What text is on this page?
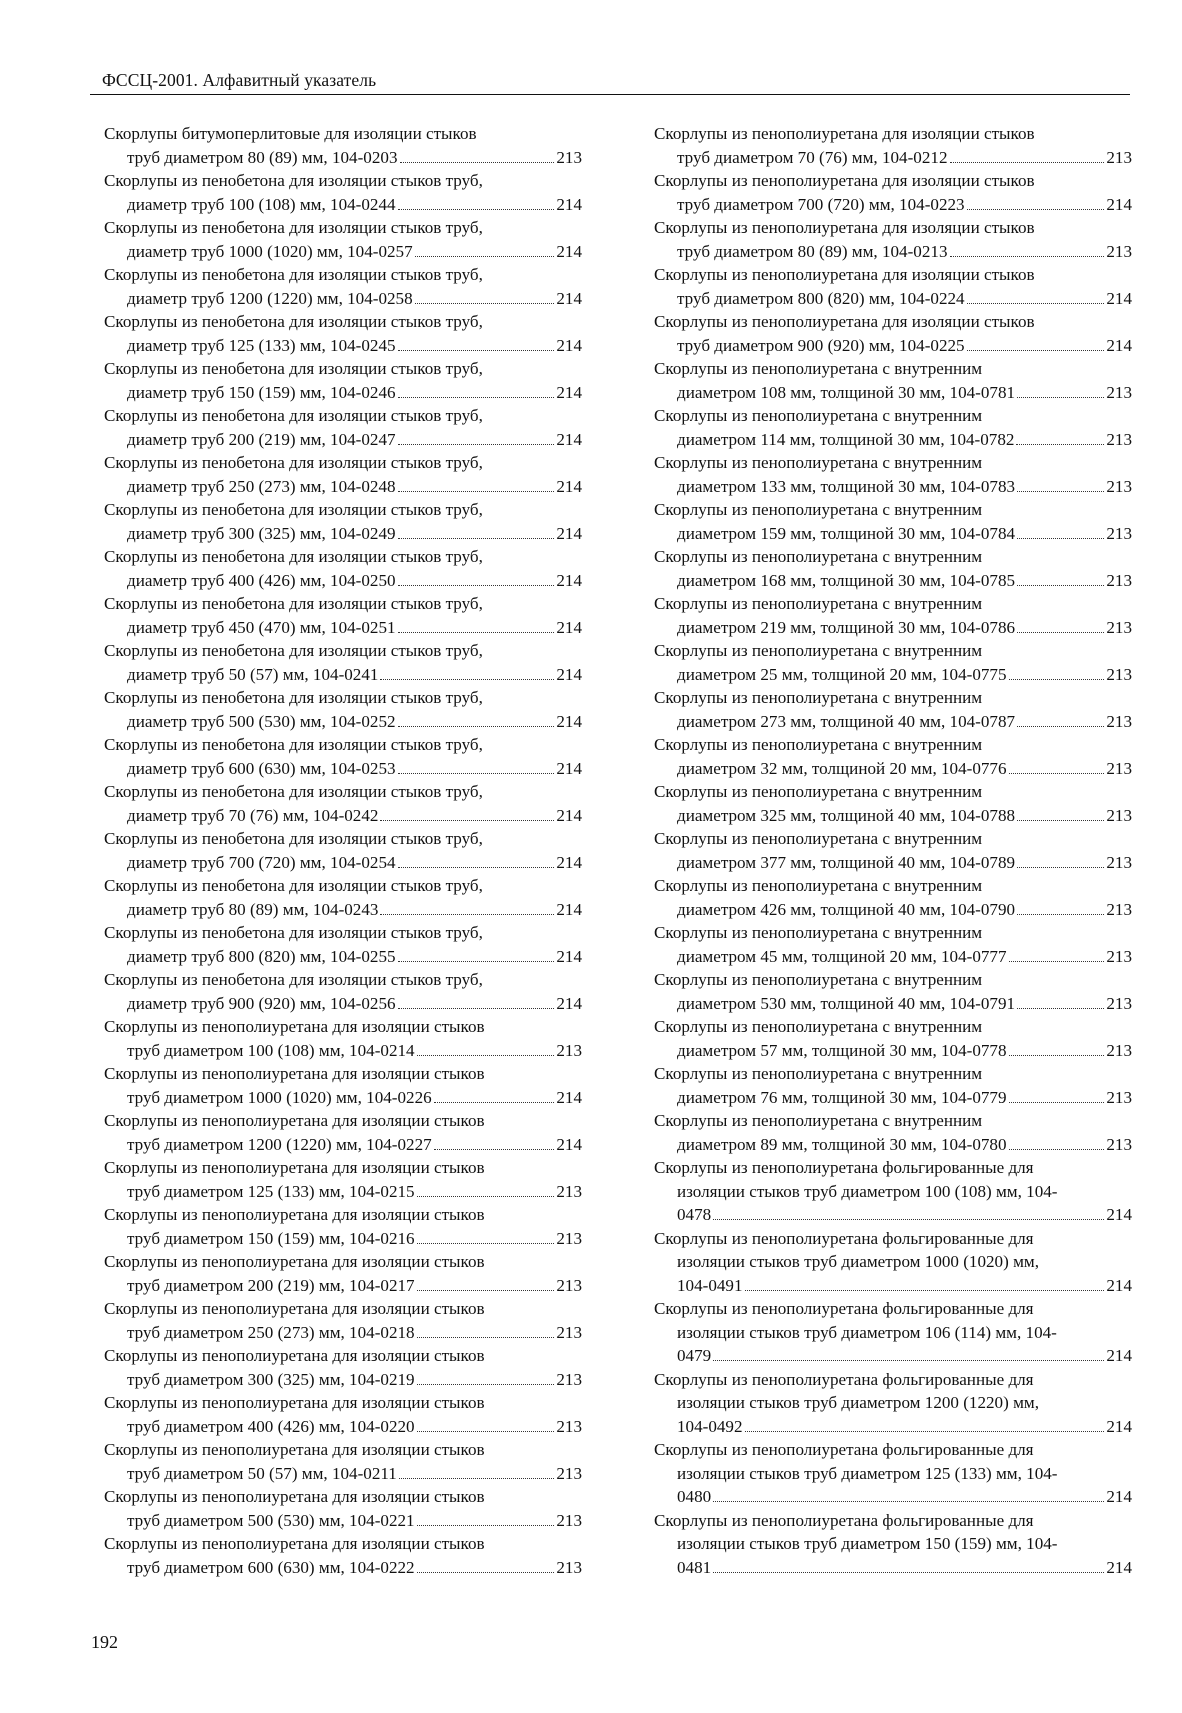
ФССЦ-2001. Алфавитный указатель
Скорлупы битумоперлитовые для изоляции стыков
труб диаметром 80 (89) мм, 104-0203	213
Скорлупы из пенобетона для изоляции стыков труб,
диаметр труб 100 (108) мм, 104-0244	214
Скорлупы из пенобетона для изоляции стыков труб,
диаметр труб 1000 (1020) мм, 104-0257	214
Скорлупы из пенобетона для изоляции стыков труб,
диаметр труб 1200 (1220) мм, 104-0258	214
Скорлупы из пенобетона для изоляции стыков труб,
диаметр труб 125 (133) мм, 104-0245	214
Скорлупы из пенобетона для изоляции стыков труб,
диаметр труб 150 (159) мм, 104-0246	214
Скорлупы из пенобетона для изоляции стыков труб,
диаметр труб 200 (219) мм, 104-0247	214
Скорлупы из пенобетона для изоляции стыков труб,
диаметр труб 250 (273) мм, 104-0248	214
Скорлупы из пенобетона для изоляции стыков труб,
диаметр труб 300 (325) мм, 104-0249	214
Скорлупы из пенобетона для изоляции стыков труб,
диаметр труб 400 (426) мм, 104-0250	214
Скорлупы из пенобетона для изоляции стыков труб,
диаметр труб 450 (470) мм, 104-0251	214
Скорлупы из пенобетона для изоляции стыков труб,
диаметр труб 50 (57) мм, 104-0241	214
Скорлупы из пенобетона для изоляции стыков труб,
диаметр труб 500 (530) мм, 104-0252	214
Скорлупы из пенобетона для изоляции стыков труб,
диаметр труб 600 (630) мм, 104-0253	214
Скорлупы из пенобетона для изоляции стыков труб,
диаметр труб 70 (76) мм, 104-0242	214
Скорлупы из пенобетона для изоляции стыков труб,
диаметр труб 700 (720) мм, 104-0254	214
Скорлупы из пенобетона для изоляции стыков труб,
диаметр труб 80 (89) мм, 104-0243	214
Скорлупы из пенобетона для изоляции стыков труб,
диаметр труб 800 (820) мм, 104-0255	214
Скорлупы из пенобетона для изоляции стыков труб,
диаметр труб 900 (920) мм, 104-0256	214
Скорлупы из пенополиуретана для изоляции стыков
труб диаметром 100 (108) мм, 104-0214	213
Скорлупы из пенополиуретана для изоляции стыков
труб диаметром 1000 (1020) мм, 104-0226	214
Скорлупы из пенополиуретана для изоляции стыков
труб диаметром 1200 (1220) мм, 104-0227	214
Скорлупы из пенополиуретана для изоляции стыков
труб диаметром 125 (133) мм, 104-0215	213
Скорлупы из пенополиуретана для изоляции стыков
труб диаметром 150 (159) мм, 104-0216	213
Скорлупы из пенополиуретана для изоляции стыков
труб диаметром 200 (219) мм, 104-0217	213
Скорлупы из пенополиуретана для изоляции стыков
труб диаметром 250 (273) мм, 104-0218	213
Скорлупы из пенополиуретана для изоляции стыков
труб диаметром 300 (325) мм, 104-0219	213
Скорлупы из пенополиуретана для изоляции стыков
труб диаметром 400 (426) мм, 104-0220	213
Скорлупы из пенополиуретана для изоляции стыков
труб диаметром 50 (57) мм, 104-0211	213
Скорлупы из пенополиуретана для изоляции стыков
труб диаметром 500 (530) мм, 104-0221	213
Скорлупы из пенополиуретана для изоляции стыков
труб диаметром 600 (630) мм, 104-0222	213
Скорлупы из пенополиуретана для изоляции стыков
труб диаметром 70 (76) мм, 104-0212	213
Скорлупы из пенополиуретана для изоляции стыков
труб диаметром 700 (720) мм, 104-0223	214
Скорлупы из пенополиуретана для изоляции стыков
труб диаметром 80 (89) мм, 104-0213	213
Скорлупы из пенополиуретана для изоляции стыков
труб диаметром 800 (820) мм, 104-0224	214
Скорлупы из пенополиуретана для изоляции стыков
труб диаметром 900 (920) мм, 104-0225	214
Скорлупы из пенополиуретана с внутренним
диаметром 108 мм, толщиной 30 мм, 104-0781	213
Скорлупы из пенополиуретана с внутренним
диаметром 114 мм, толщиной 30 мм, 104-0782	213
Скорлупы из пенополиуретана с внутренним
диаметром 133 мм, толщиной 30 мм, 104-0783	213
Скорлупы из пенополиуретана с внутренним
диаметром 159 мм, толщиной 30 мм, 104-0784	213
Скорлупы из пенополиуретана с внутренним
диаметром 168 мм, толщиной 30 мм, 104-0785	213
Скорлупы из пенополиуретана с внутренним
диаметром 219 мм, толщиной 30 мм, 104-0786	213
Скорлупы из пенополиуретана с внутренним
диаметром 25 мм, толщиной 20 мм, 104-0775	213
Скорлупы из пенополиуретана с внутренним
диаметром 273 мм, толщиной 40 мм, 104-0787	213
Скорлупы из пенополиуретана с внутренним
диаметром 32 мм, толщиной 20 мм, 104-0776	213
Скорлупы из пенополиуретана с внутренним
диаметром 325 мм, толщиной 40 мм, 104-0788	213
Скорлупы из пенополиуретана с внутренним
диаметром 377 мм, толщиной 40 мм, 104-0789	213
Скорлупы из пенополиуретана с внутренним
диаметром 426 мм, толщиной 40 мм, 104-0790	213
Скорлупы из пенополиуретана с внутренним
диаметром 45 мм, толщиной 20 мм, 104-0777	213
Скорлупы из пенополиуретана с внутренним
диаметром 530 мм, толщиной 40 мм, 104-0791	213
Скорлупы из пенополиуретана с внутренним
диаметром 57 мм, толщиной 30 мм, 104-0778	213
Скорлупы из пенополиуретана с внутренним
диаметром 76 мм, толщиной 30 мм, 104-0779	213
Скорлупы из пенополиуретана с внутренним
диаметром 89 мм, толщиной 30 мм, 104-0780	213
Скорлупы из пенополиуретана фольгированные для
изоляции стыков труб диаметром 100 (108) мм, 104-
0478	214
Скорлупы из пенополиуретана фольгированные для
изоляции стыков труб диаметром 1000 (1020) мм,
104-0491	214
Скорлупы из пенополиуретана фольгированные для
изоляции стыков труб диаметром 106 (114) мм, 104-
0479	214
Скорлупы из пенополиуретана фольгированные для
изоляции стыков труб диаметром 1200 (1220) мм,
104-0492	214
Скорлупы из пенополиуретана фольгированные для
изоляции стыков труб диаметром 125 (133) мм, 104-
0480	214
Скорлупы из пенополиуретана фольгированные для
изоляции стыков труб диаметром 150 (159) мм, 104-
0481	214
192
